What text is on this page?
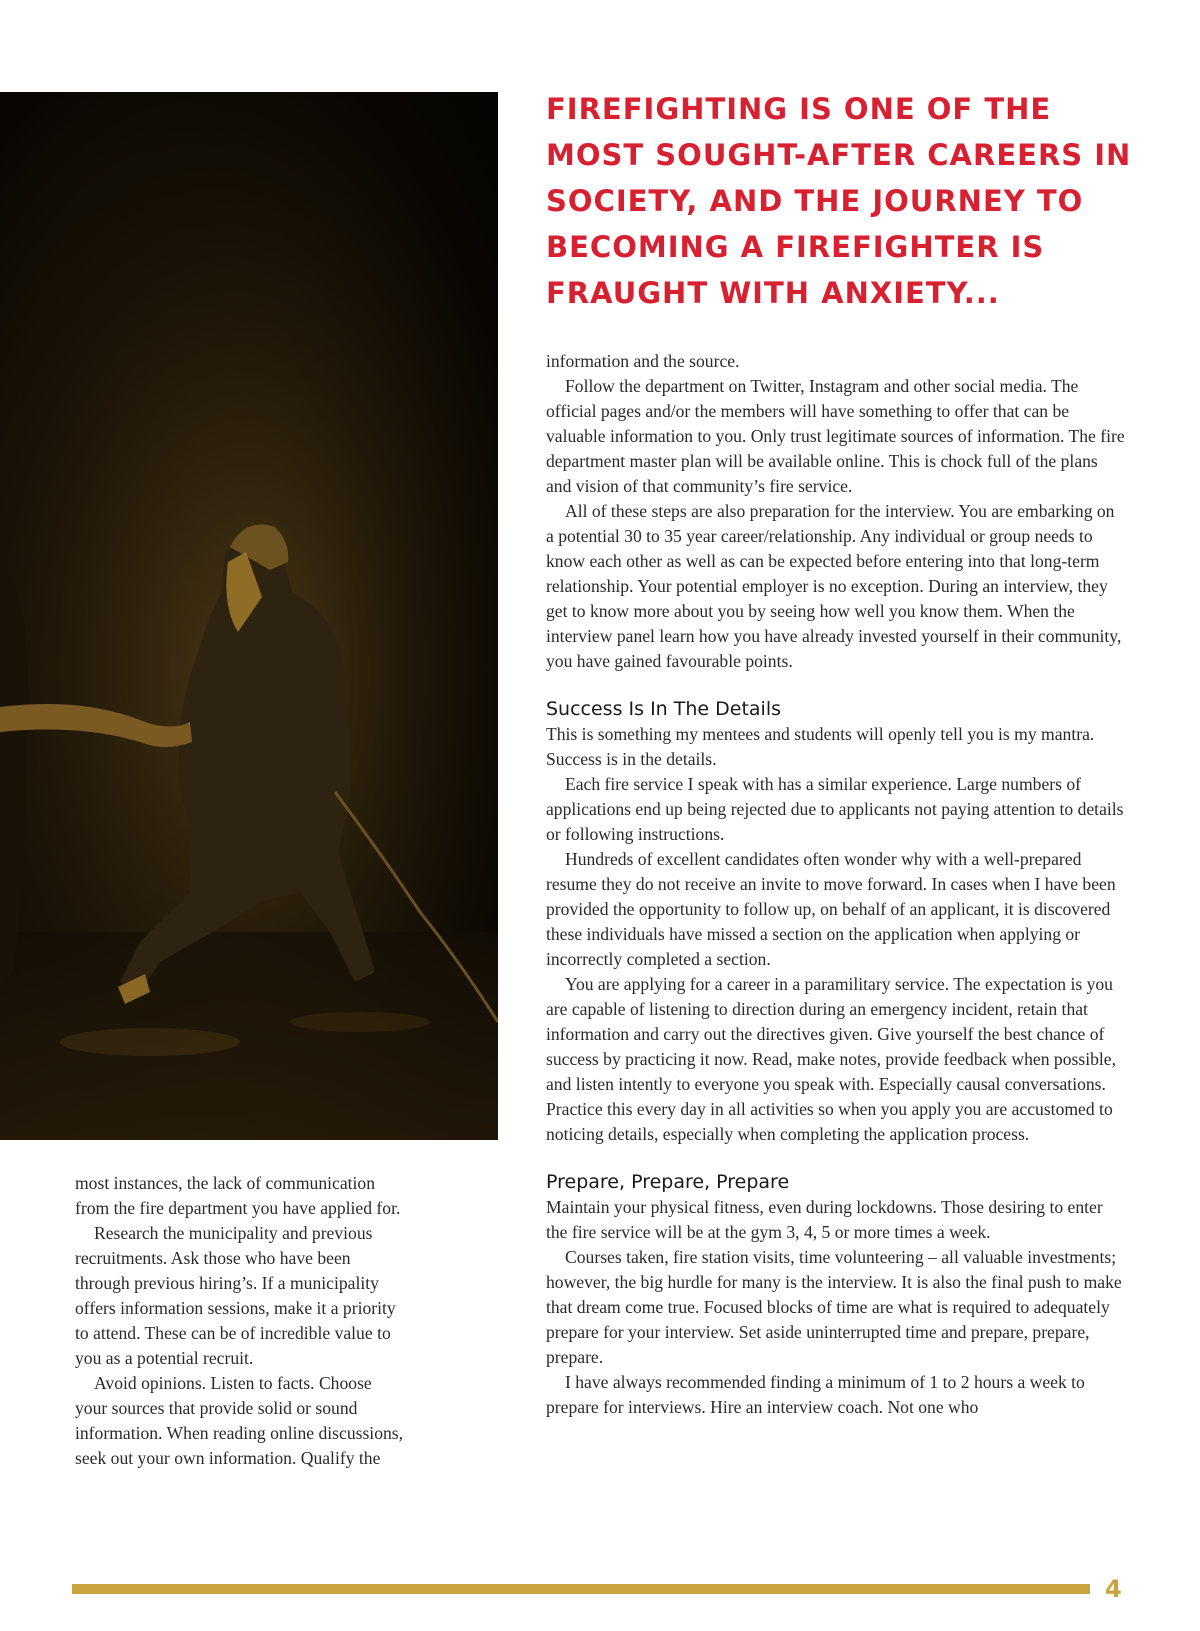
FIREFIGHTING IS ONE OF THE MOST SOUGHT-AFTER CAREERS IN SOCIETY, AND THE JOURNEY TO BECOMING A FIREFIGHTER IS FRAUGHT WITH ANXIETY...

most instances, the lack of communication from the fire department you have applied for.

Research the municipality and previous recruitments. Ask those who have been through previous hiring’s. If a municipality offers information sessions, make it a priority to attend. These can be of incredible value to you as a potential recruit.

Avoid opinions. Listen to facts. Choose your sources that provide solid or sound information. When reading online discussions, seek out your own information. Qualify the

information and the source.

Follow the department on Twitter, Instagram and other social media. The official pages and/or the members will have something to offer that can be valuable information to you. Only trust legitimate sources of information. The fire department master plan will be available online. This is chock full of the plans and vision of that community’s fire service.

All of these steps are also preparation for the interview. You are embarking on a potential 30 to 35 year career/relationship. Any individual or group needs to know each other as well as can be expected before entering into that long-term relationship. Your potential employer is no exception. During an interview, they get to know more about you by seeing how well you know them. When the interview panel learn how you have already invested yourself in their community, you have gained favourable points.

Success Is In The Details

This is something my mentees and students will openly tell you is my mantra. Success is in the details.

Each fire service I speak with has a similar experience. Large numbers of applications end up being rejected due to applicants not paying attention to details or following instructions.

Hundreds of excellent candidates often wonder why with a well-prepared resume they do not receive an invite to move forward. In cases when I have been provided the opportunity to follow up, on behalf of an applicant, it is discovered these individuals have missed a section on the application when applying or incorrectly completed a section.

You are applying for a career in a paramilitary service. The expectation is you are capable of listening to direction during an emergency incident, retain that information and carry out the directives given. Give yourself the best chance of success by practicing it now. Read, make notes, provide feedback when possible, and listen intently to everyone you speak with. Especially causal conversations. Practice this every day in all activities so when you apply you are accustomed to noticing details, especially when completing the application process.

Prepare, Prepare, Prepare

Maintain your physical fitness, even during lockdowns. Those desiring to enter the fire service will be at the gym 3, 4, 5 or more times a week.

Courses taken, fire station visits, time volunteering – all valuable investments; however, the big hurdle for many is the interview. It is also the final push to make that dream come true. Focused blocks of time are what is required to adequately prepare for your interview. Set aside uninterrupted time and prepare, prepare, prepare.

I have always recommended finding a minimum of 1 to 2 hours a week to prepare for interviews. Hire an interview coach. Not one who

4
